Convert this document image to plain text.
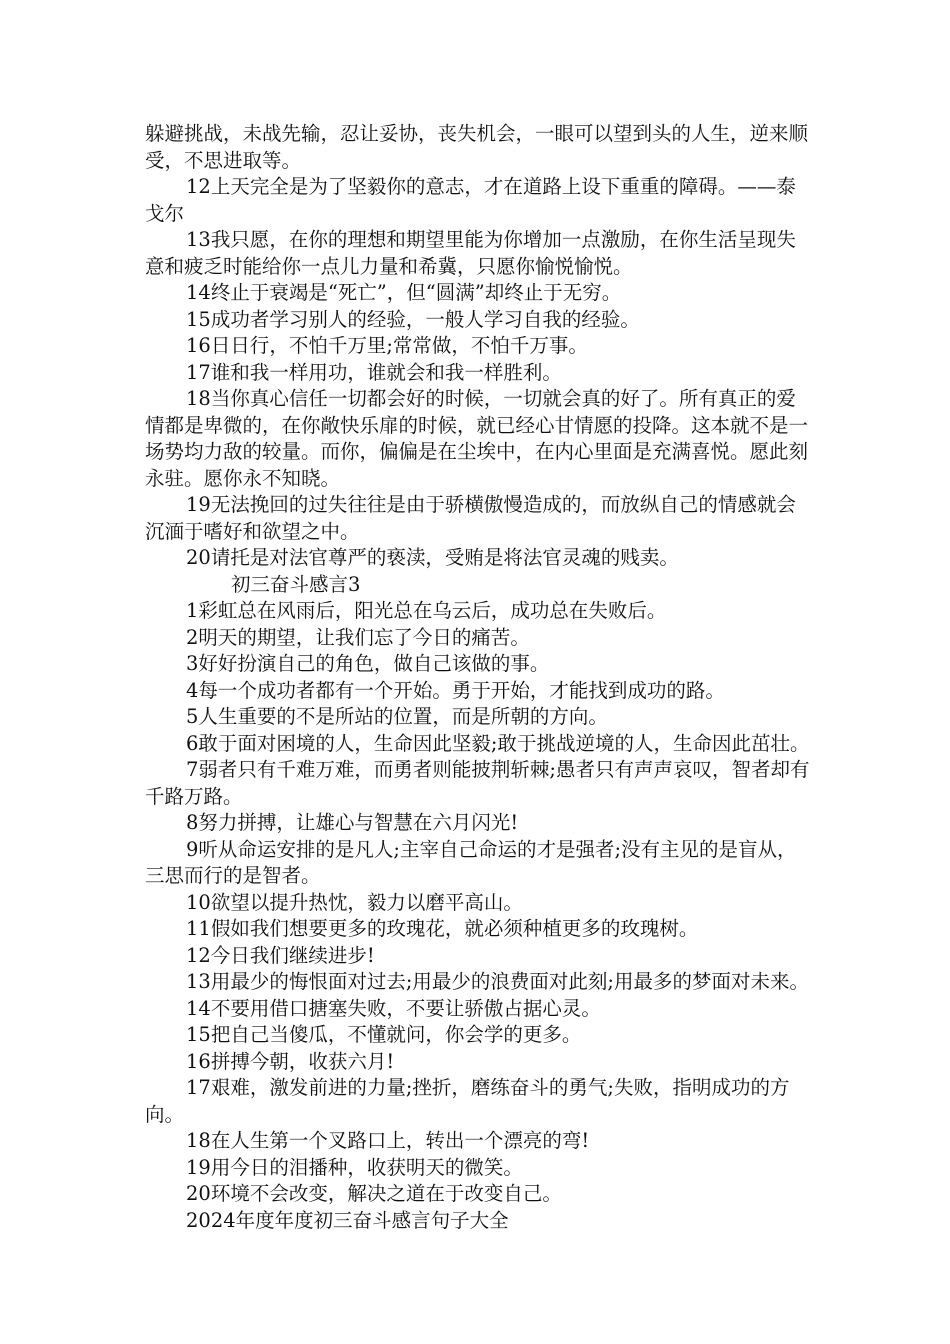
躲避挑战，未战先输，忍让妥协，丧失机会，一眼可以望到头的人生，逆来顺受，不思进取等。

12上天完全是为了坚毅你的意志，才在道路上设下重重的障碍。——泰戈尔

13我只愿，在你的理想和期望里能为你增加一点激励，在你生活呈现失意和疲乏时能给你一点儿力量和希冀，只愿你愉悦愉悦。

14终止于衰竭是“死亡”，但“圆满”却终止于无穷。

15成功者学习别人的经验，一般人学习自我的经验。

16日日行，不怕千万里;常常做，不怕千万事。

17谁和我一样用功，谁就会和我一样胜利。

18当你真心信任一切都会好的时候，一切就会真的好了。所有真正的爱情都是卑微的，在你敞快乐扉的时候，就已经心甘情愿的投降。这本就不是一场势均力敌的较量。而你，偏偏是在尘埃中，在内心里面是充满喜悦。愿此刻永驻。愿你永不知晓。

19无法挽回的过失往往是由于骄横傲慢造成的，而放纵自己的情感就会沉湎于嗜好和欲望之中。

20请托是对法官尊严的亵渎，受贿是将法官灵魂的贱卖。

初三奋斗感言3

1彩虹总在风雨后，阳光总在乌云后，成功总在失败后。

2明天的期望，让我们忘了今日的痛苦。

3好好扮演自己的角色，做自己该做的事。

4每一个成功者都有一个开始。勇于开始，才能找到成功的路。

5人生重要的不是所站的位置，而是所朝的方向。

6敢于面对困境的人，生命因此坚毅;敢于挑战逆境的人，生命因此茁壮。

7弱者只有千难万难，而勇者则能披荆斩棘;愚者只有声声哀叹，智者却有千路万路。

8努力拼搏，让雄心与智慧在六月闪光!

9听从命运安排的是凡人;主宰自己命运的才是强者;没有主见的是盲从，三思而行的是智者。

10欲望以提升热忱，毅力以磨平高山。

11假如我们想要更多的玫瑰花，就必须种植更多的玫瑰树。

12今日我们继续进步!

13用最少的悔恨面对过去;用最少的浪费面对此刻;用最多的梦面对未来。

14不要用借口搪塞失败，不要让骄傲占据心灵。

15把自己当傻瓜，不懂就问，你会学的更多。

16拼搏今朝，收获六月!

17艰难，激发前进的力量;挫折，磨练奋斗的勇气;失败，指明成功的方向。

18在人生第一个叉路口上，转出一个漂亮的弯!

19用今日的泪播种，收获明天的微笑。

20环境不会改变，解决之道在于改变自己。

2024年度年度初三奋斗感言句子大全
